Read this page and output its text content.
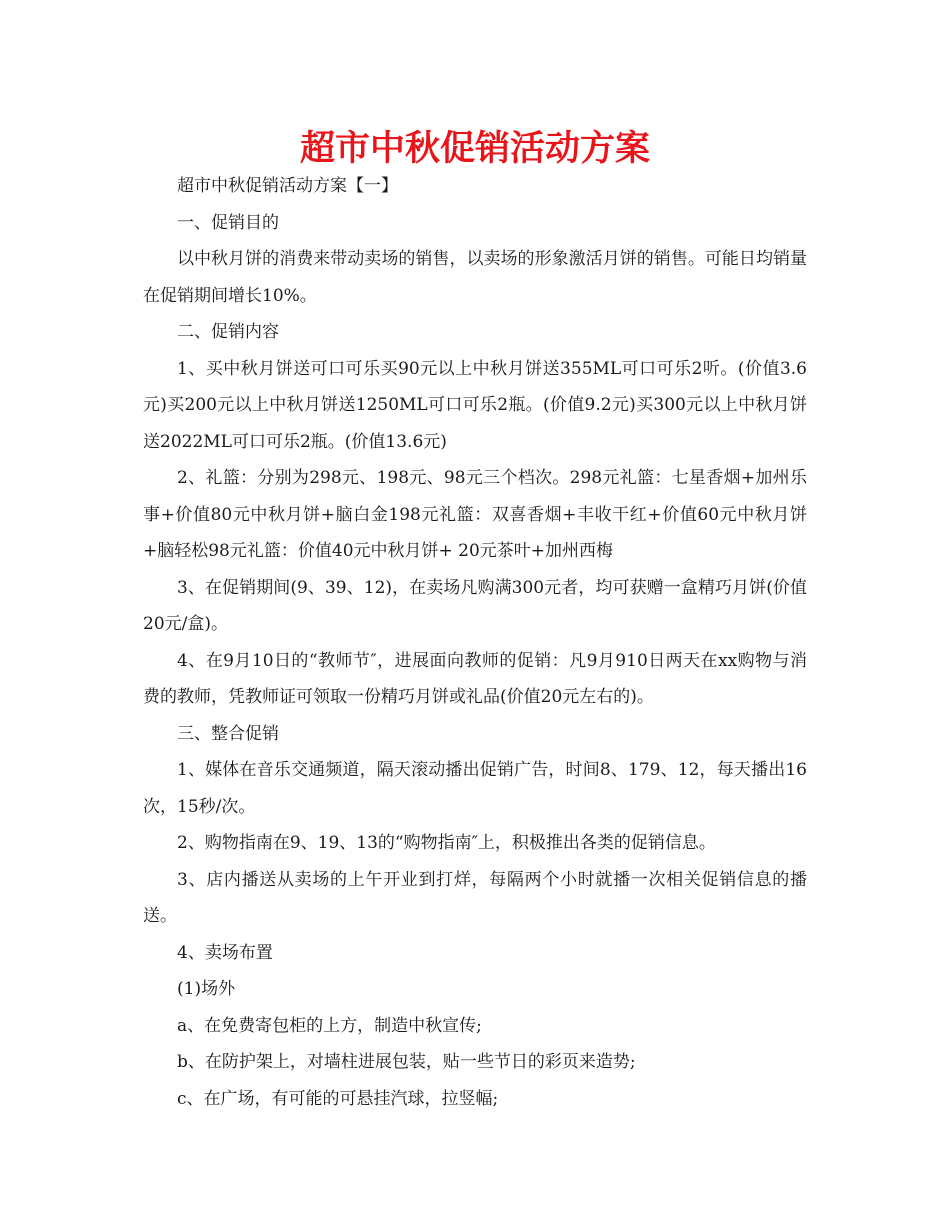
超市中秋促销活动方案

超市中秋促销活动方案【一】

一、促销目的

以中秋月饼的消费来带动卖场的销售，以卖场的形象激活月饼的销售。可能日均销量在促销期间增长10%。

二、促销内容

1、买中秋月饼送可口可乐买90元以上中秋月饼送355ML可口可乐2听。(价值3.6元)买200元以上中秋月饼送1250ML可口可乐2瓶。(价值9.2元)买300元以上中秋月饼送2022ML可口可乐2瓶。(价值13.6元)

2、礼篮：分别为298元、198元、98元三个档次。298元礼篮：七星香烟+加州乐事+价值80元中秋月饼+脑白金198元礼篮：双喜香烟+丰收干红+价值60元中秋月饼+脑轻松98元礼篮：价值40元中秋月饼+ 20元茶叶+加州西梅

3、在促销期间(9、39、12)，在卖场凡购满300元者，均可获赠一盒精巧月饼(价值20元/盒)。

4、在9月10日的“教师节″，进展面向教师的促销：凡9月910日两天在xx购物与消费的教师，凭教师证可领取一份精巧月饼或礼品(价值20元左右的)。

三、整合促销

1、媒体在音乐交通频道，隔天滚动播出促销广告，时间8、179、12，每天播出16次，15秒/次。

2、购物指南在9、19、13的“购物指南″上，积极推出各类的促销信息。

3、店内播送从卖场的上午开业到打烊，每隔两个小时就播一次相关促销信息的播送。

4、卖场布置

(1)场外

a、在免费寄包柜的上方，制造中秋宣传;

b、在防护架上，对墙柱进展包装，贴一些节日的彩页来造势;

c、在广场，有可能的可悬挂汽球，拉竖幅;
